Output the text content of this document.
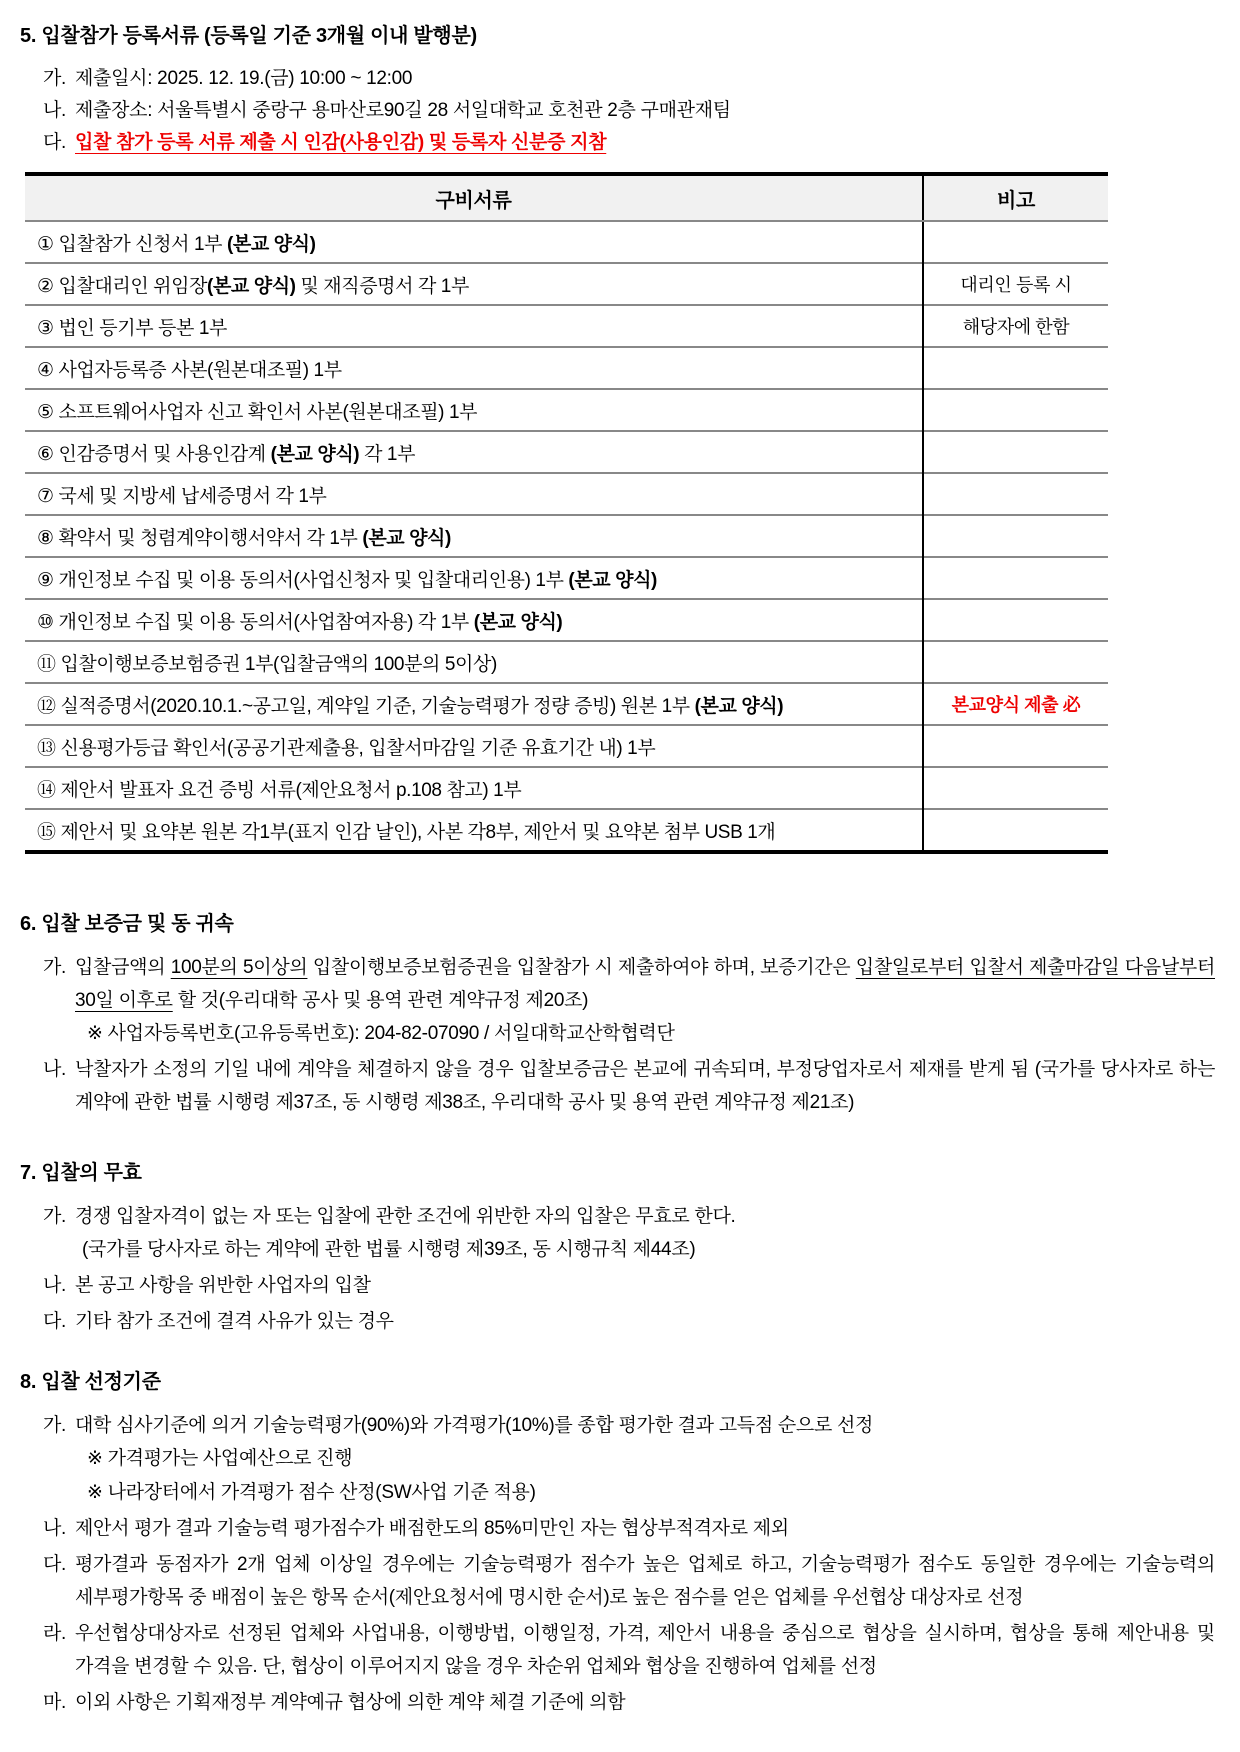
5. 입찰참가 등록서류 (등록일 기준 3개월 이내 발행분)
가. 제출일시: 2025. 12. 19.(금) 10:00 ~ 12:00
나. 제출장소: 서울특별시 중랑구 용마산로90길 28 서일대학교 호천관 2층 구매관재팀
다. 입찰 참가 등록 서류 제출 시 인감(사용인감) 및 등록자 신분증 지참
구비서류	비고
① 입찰참가 신청서 1부 (본교 양식)	
② 입찰대리인 위임장(본교 양식) 및 재직증명서 각 1부	대리인 등록 시
③ 법인 등기부 등본 1부	해당자에 한함
④ 사업자등록증 사본(원본대조필) 1부	
⑤ 소프트웨어사업자 신고 확인서 사본(원본대조필) 1부	
⑥ 인감증명서 및 사용인감계 (본교 양식) 각 1부	
⑦ 국세 및 지방세 납세증명서 각 1부	
⑧ 확약서 및 청렴계약이행서약서 각 1부 (본교 양식)	
⑨ 개인정보 수집 및 이용 동의서(사업신청자 및 입찰대리인용) 1부 (본교 양식)	
⑩ 개인정보 수집 및 이용 동의서(사업참여자용) 각 1부 (본교 양식)	
⑪ 입찰이행보증보험증권 1부(입찰금액의 100분의 5이상)	
⑫ 실적증명서(2020.10.1.~공고일, 계약일 기준, 기술능력평가 정량 증빙) 원본 1부 (본교 양식)	본교양식 제출 必
⑬ 신용평가등급 확인서(공공기관제출용, 입찰서마감일 기준 유효기간 내) 1부	
⑭ 제안서 발표자 요건 증빙 서류(제안요청서 p.108 참고) 1부	
⑮ 제안서 및 요약본 원본 각1부(표지 인감 날인), 사본 각8부, 제안서 및 요약본 첨부 USB 1개	
6. 입찰 보증금 및 동 귀속
가. 입찰금액의 100분의 5이상의 입찰이행보증보험증권을 입찰참가 시 제출하여야 하며, 보증기간은 입찰일로부터 입찰서 제출마감일 다음날부터 30일 이후로 할 것(우리대학 공사 및 용역 관련 계약규정 제20조)
※ 사업자등록번호(고유등록번호): 204-82-07090 / 서일대학교산학협력단
나. 낙찰자가 소정의 기일 내에 계약을 체결하지 않을 경우 입찰보증금은 본교에 귀속되며, 부정당업자로서 제재를 받게 됨 (국가를 당사자로 하는 계약에 관한 법률 시행령 제37조, 동 시행령 제38조, 우리대학 공사 및 용역 관련 계약규정 제21조)
7. 입찰의 무효
가. 경쟁 입찰자격이 없는 자 또는 입찰에 관한 조건에 위반한 자의 입찰은 무효로 한다.
(국가를 당사자로 하는 계약에 관한 법률 시행령 제39조, 동 시행규칙 제44조)
나. 본 공고 사항을 위반한 사업자의 입찰
다. 기타 참가 조건에 결격 사유가 있는 경우
8. 입찰 선정기준
가. 대학 심사기준에 의거 기술능력평가(90%)와 가격평가(10%)를 종합 평가한 결과 고득점 순으로 선정
※ 가격평가는 사업예산으로 진행
※ 나라장터에서 가격평가 점수 산정(SW사업 기준 적용)
나. 제안서 평가 결과 기술능력 평가점수가 배점한도의 85%미만인 자는 협상부적격자로 제외
다. 평가결과 동점자가 2개 업체 이상일 경우에는 기술능력평가 점수가 높은 업체로 하고, 기술능력평가 점수도 동일한 경우에는 기술능력의 세부평가항목 중 배점이 높은 항목 순서(제안요청서에 명시한 순서)로 높은 점수를 얻은 업체를 우선협상 대상자로 선정
라. 우선협상대상자로 선정된 업체와 사업내용, 이행방법, 이행일정, 가격, 제안서 내용을 중심으로 협상을 실시하며, 협상을 통해 제안내용 및 가격을 변경할 수 있음. 단, 협상이 이루어지지 않을 경우 차순위 업체와 협상을 진행하여 업체를 선정
마. 이외 사항은 기획재정부 계약예규 협상에 의한 계약 체결 기준에 의함
